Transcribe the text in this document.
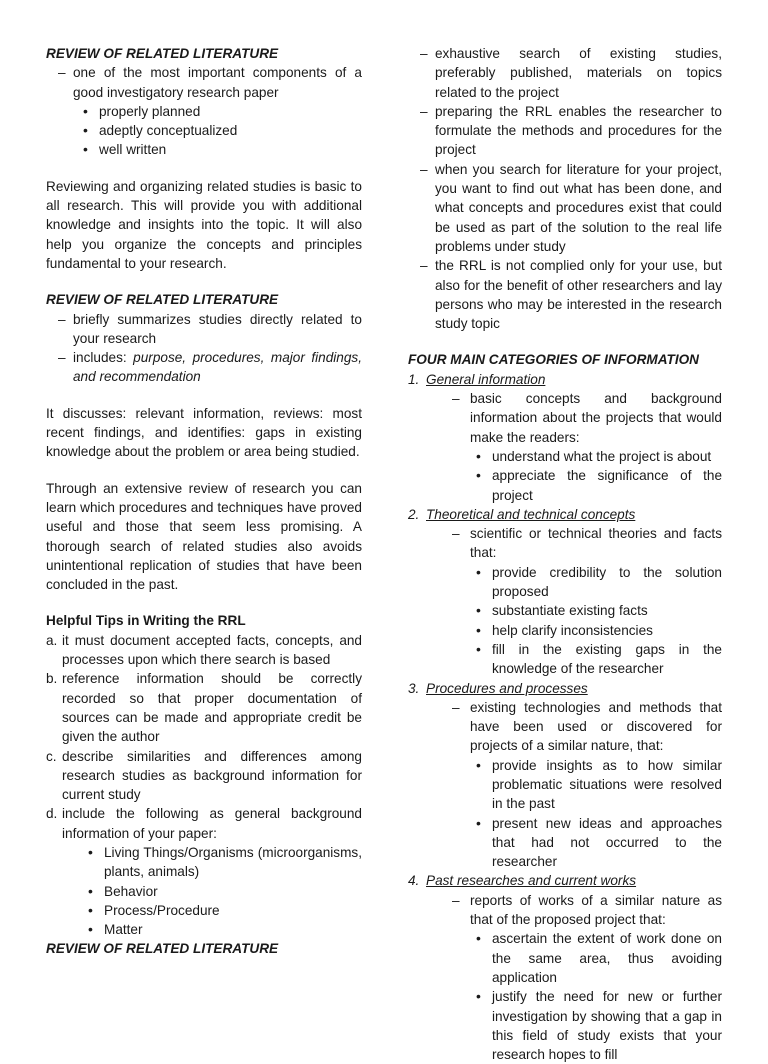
REVIEW OF RELATED LITERATURE

– one of the most important components of a good investigatory research paper
• properly planned
• adeptly conceptualized
• well written

Reviewing and organizing related studies is basic to all research. This will provide you with additional knowledge and insights into the topic. It will also help you organize the concepts and principles fundamental to your research.

REVIEW OF RELATED LITERATURE

– briefly summarizes studies directly related to your research
– includes: purpose, procedures, major findings, and recommendation

It discusses: relevant information, reviews: most recent findings, and identifies: gaps in existing knowledge about the problem or area being studied.

Through an extensive review of research you can learn which procedures and techniques have proved useful and those that seem less promising. A thorough search of related studies also avoids unintentional replication of studies that have been concluded in the past.

Helpful Tips in Writing the RRL

a. it must document accepted facts, concepts, and processes upon which there search is based
b. reference information should be correctly recorded so that proper documentation of sources can be made and appropriate credit be given the author
c. describe similarities and differences among research studies as background information for current study
d. include the following as general background information of your paper:
• Living Things/Organisms (microorganisms, plants, animals)
• Behavior
• Process/Procedure
• Matter

REVIEW OF RELATED LITERATURE

– exhaustive search of existing studies, preferably published, materials on topics related to the project
– preparing the RRL enables the researcher to formulate the methods and procedures for the project
– when you search for literature for your project, you want to find out what has been done, and what concepts and procedures exist that could be used as part of the solution to the real life problems under study
– the RRL is not complied only for your use, but also for the benefit of other researchers and lay persons who may be interested in the research study topic

FOUR MAIN CATEGORIES OF INFORMATION

1. General information
– basic concepts and background information about the projects that would make the readers:
• understand what the project is about
• appreciate the significance of the project
2. Theoretical and technical concepts
– scientific or technical theories and facts that:
• provide credibility to the solution proposed
• substantiate existing facts
• help clarify inconsistencies
• fill in the existing gaps in the knowledge of the researcher
3. Procedures and processes
– existing technologies and methods that have been used or discovered for projects of a similar nature, that:
• provide insights as to how similar problematic situations were resolved in the past
• present new ideas and approaches that had not occurred to the researcher
4. Past researches and current works
– reports of works of a similar nature as that of the proposed project that:
• ascertain the extent of work done on the same area, thus avoiding application
• justify the need for new or further investigation by showing that a gap in this field of study exists that your research hopes to fill
